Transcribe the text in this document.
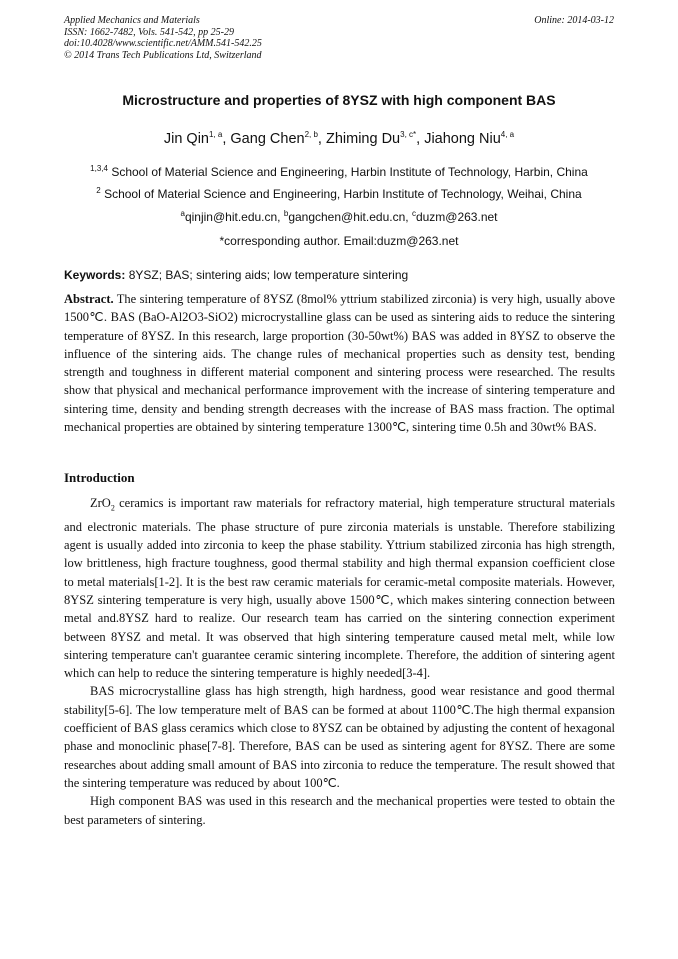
Applied Mechanics and Materials
ISSN: 1662-7482, Vols. 541-542, pp 25-29
doi:10.4028/www.scientific.net/AMM.541-542.25
© 2014 Trans Tech Publications Ltd, Switzerland
Online: 2014-03-12
Microstructure and properties of 8YSZ with high component BAS
Jin Qin$^{1, a}$, Gang Chen$^{2, b}$, Zhiming $Du^{3, c*}$, Jiahong Niu$^{4, a}$
$^{1,3,4}$ School of Material Science and Engineering, Harbin Institute of Technology, Harbin, China
$^2$ School of Material Science and Engineering, Harbin Institute of Technology, Weihai, China
$^a$qinjin@hit.edu.cn, $^b$gangchen@hit.edu.cn, $^c$duzm@263.net
*corresponding author. Email:duzm@263.net
Keywords: 8YSZ; BAS; sintering aids; low temperature sintering

Abstract. The sintering temperature of 8YSZ (8mol% yttrium stabilized zirconia) is very high, usually above 1500℃. BAS (BaO-Al2O3-SiO2) microcrystalline glass can be used as sintering aids to reduce the sintering temperature of 8YSZ. In this research, large proportion (30-50wt%) BAS was added in 8YSZ to observe the influence of the sintering aids. The change rules of mechanical properties such as density test, bending strength and toughness in different material component and sintering process were researched. The results show that physical and mechanical performance improvement with the increase of sintering temperature and sintering time, density and bending strength decreases with the increase of BAS mass fraction. The optimal mechanical properties are obtained by sintering temperature 1300℃, sintering time 0.5h and 30wt% BAS.

Introduction

ZrO$_2$ ceramics is important raw materials for refractory material, high temperature structural materials and electronic materials. The phase structure of pure zirconia materials is unstable. Therefore stabilizing agent is usually added into zirconia to keep the phase stability. Yttrium stabilized zirconia has high strength, low brittleness, high fracture toughness, good thermal stability and high thermal expansion coefficient close to metal materials[1-2]. It is the best raw ceramic materials for ceramic-metal composite materials. However, 8YSZ sintering temperature is very high, usually above 1500℃, which makes sintering connection between metal and.8YSZ hard to realize. Our research team has carried on the sintering connection experiment between 8YSZ and metal. It was observed that high sintering temperature caused metal melt, while low sintering temperature can't guarantee ceramic sintering incomplete. Therefore, the addition of sintering agent which can help to reduce the sintering temperature is highly needed[3-4].

BAS microcrystalline glass has high strength, high hardness, good wear resistance and good thermal stability[5-6]. The low temperature melt of BAS can be formed at about 1100℃.The high thermal expansion coefficient of BAS glass ceramics which close to 8YSZ can be obtained by adjusting the content of hexagonal phase and monoclinic phase[7-8]. Therefore, BAS can be used as sintering agent for 8YSZ. There are some researches about adding small amount of BAS into zirconia to reduce the temperature. The result showed that the sintering temperature was reduced by about 100℃.

High component BAS was used in this research and the mechanical properties were tested to obtain the best parameters of sintering.
